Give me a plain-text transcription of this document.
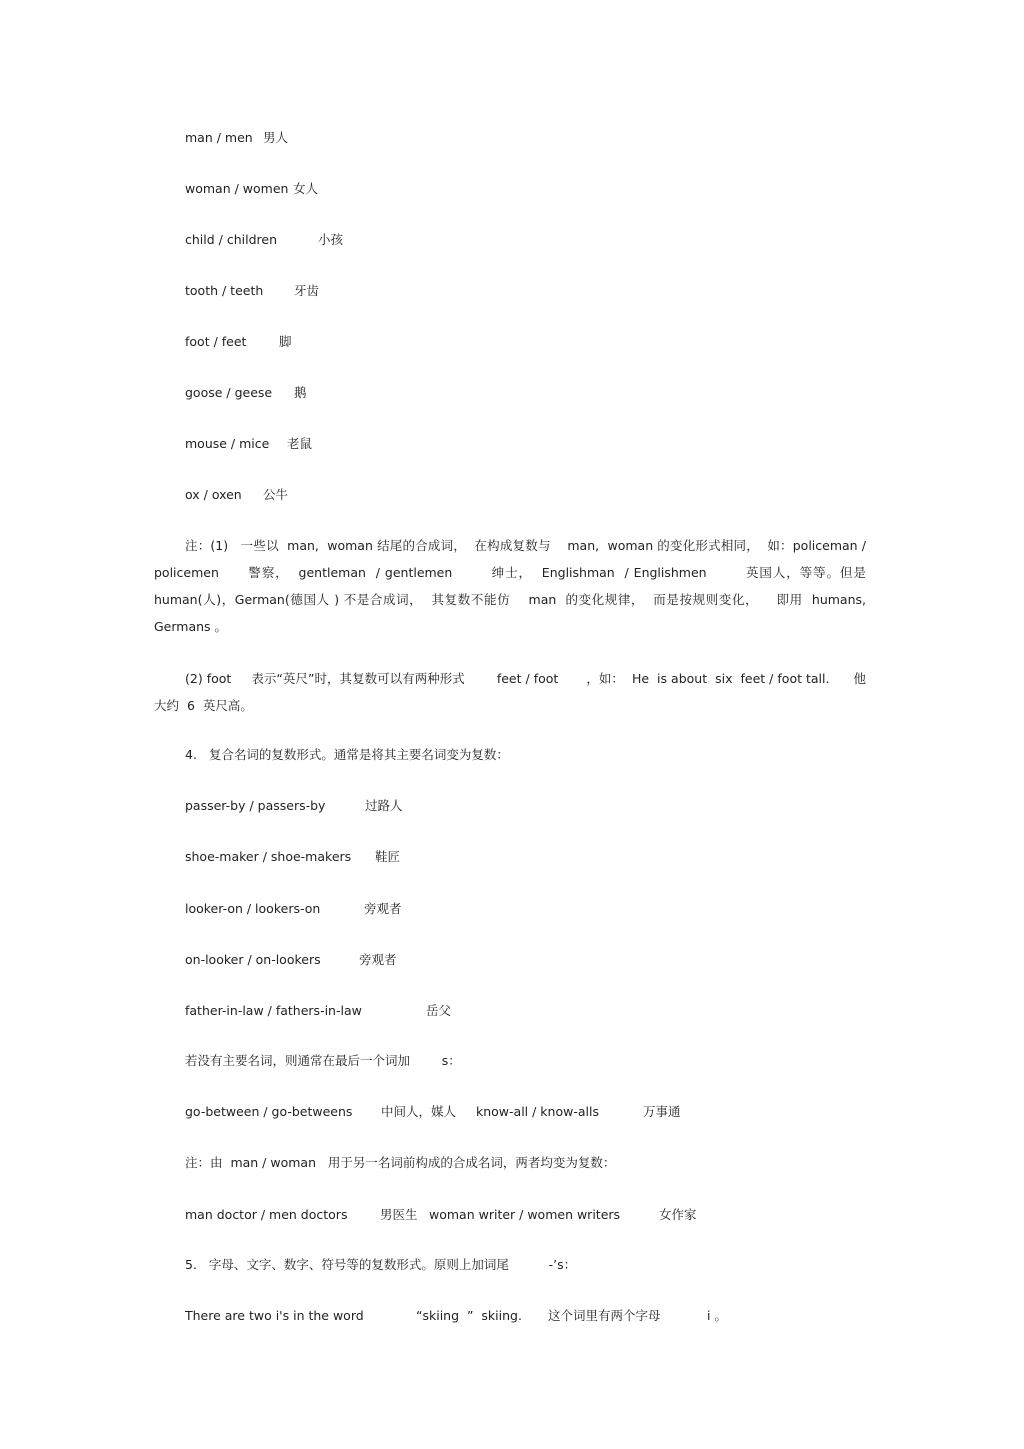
man / men 男人
woman / women 女人
child / children	小孩
tooth / teeth 牙齿
foot / feet	脚
goose / geese 鹅
mouse / mice 老鼠
ox / oxen 公牛
注：(1)   一些以  man,  woman 结尾的合成词，  在构成复数与    man,  woman 的变化形式相同，  如：policeman / policemen      警察，  gentleman  / gentlemen        绅士，  Englishman  / Englishmen        英国人，等等。但是 human(人)，German(德国人 ) 不是合成词，  其复数不能仿    man  的变化规律，  而是按规则变化，    即用  humans, Germans 。
(2) foot     表示“英尺”时，其复数可以有两种形式        feet / foot       ，如：  He  is about  six  feet / foot tall.      他大约  6  英尺高。
4.   复合名词的复数形式。通常是将其主要名词变为复数：
passer-by / passers-by	过路人
shoe-maker / shoe-makers 鞋匠
looker-on / lookers-on	旁观者
on-looker / on-lookers	旁观者
father-in-law / fathers-in-law	岳父
若没有主要名词，则通常在最后一个词加        s：
go-between / go-betweens 中间人，媒人 know-all / know-alls	万事通
注：由  man / woman   用于另一名词前构成的合成名词，两者均变为复数：
man doctor / men doctors	男医生 woman writer / women writers	女作家
5.   字母、文字、数字、符号等的复数形式。原则上加词尾          -’s：
There are two i's in the word	“skiing  ”  skiing. 这个词里有两个字母	i 。
